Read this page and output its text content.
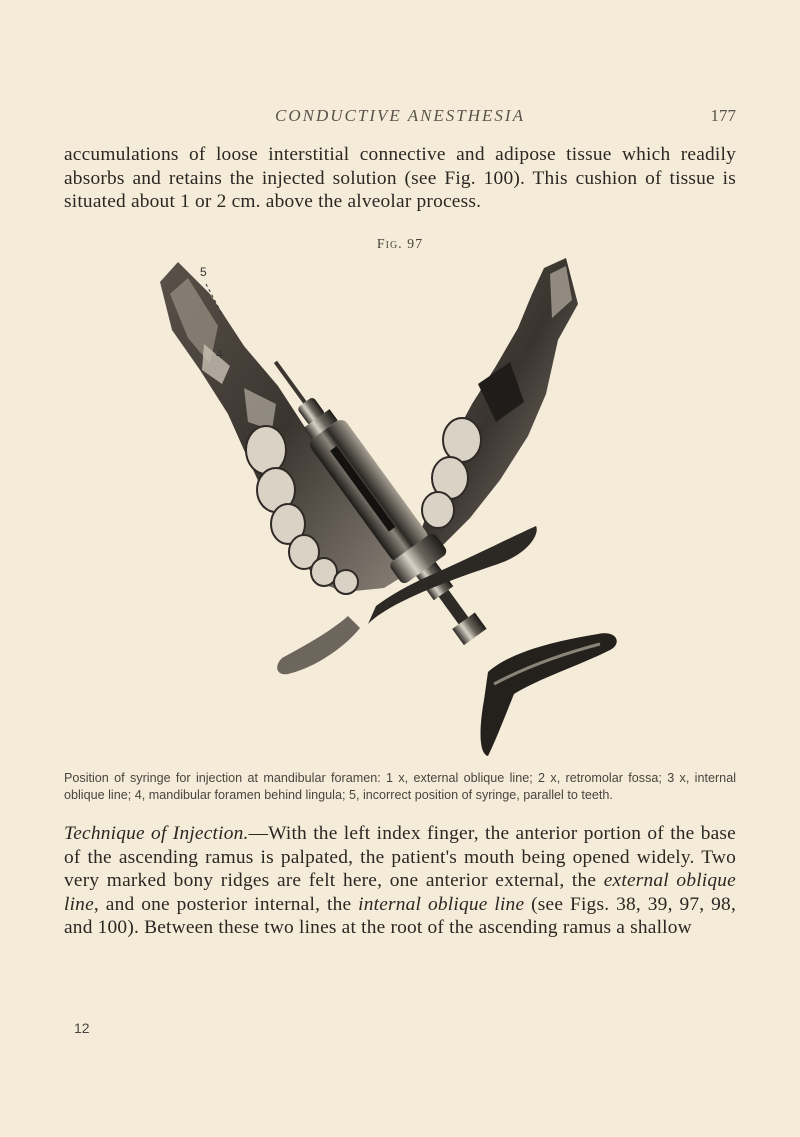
CONDUCTIVE ANESTHESIA	177

accumulations of loose interstitial connective and adipose tissue which readily absorbs and retains the injected solution (see Fig. 100). This cushion of tissue is situated about 1 or 2 cm. above the alveolar process.

Fig. 97
5
4

Position of syringe for injection at mandibular foramen: 1 x, external oblique line; 2 x, retromolar fossa; 3 x, internal oblique line; 4, mandibular foramen behind lingula; 5, incorrect position of syringe, parallel to teeth.

Technique of Injection.—With the left index finger, the anterior portion of the base of the ascending ramus is palpated, the patient's mouth being opened widely. Two very marked bony ridges are felt here, one anterior external, the external oblique line, and one posterior internal, the internal oblique line (see Figs. 38, 39, 97, 98, and 100). Between these two lines at the root of the ascending ramus a shallow

12
